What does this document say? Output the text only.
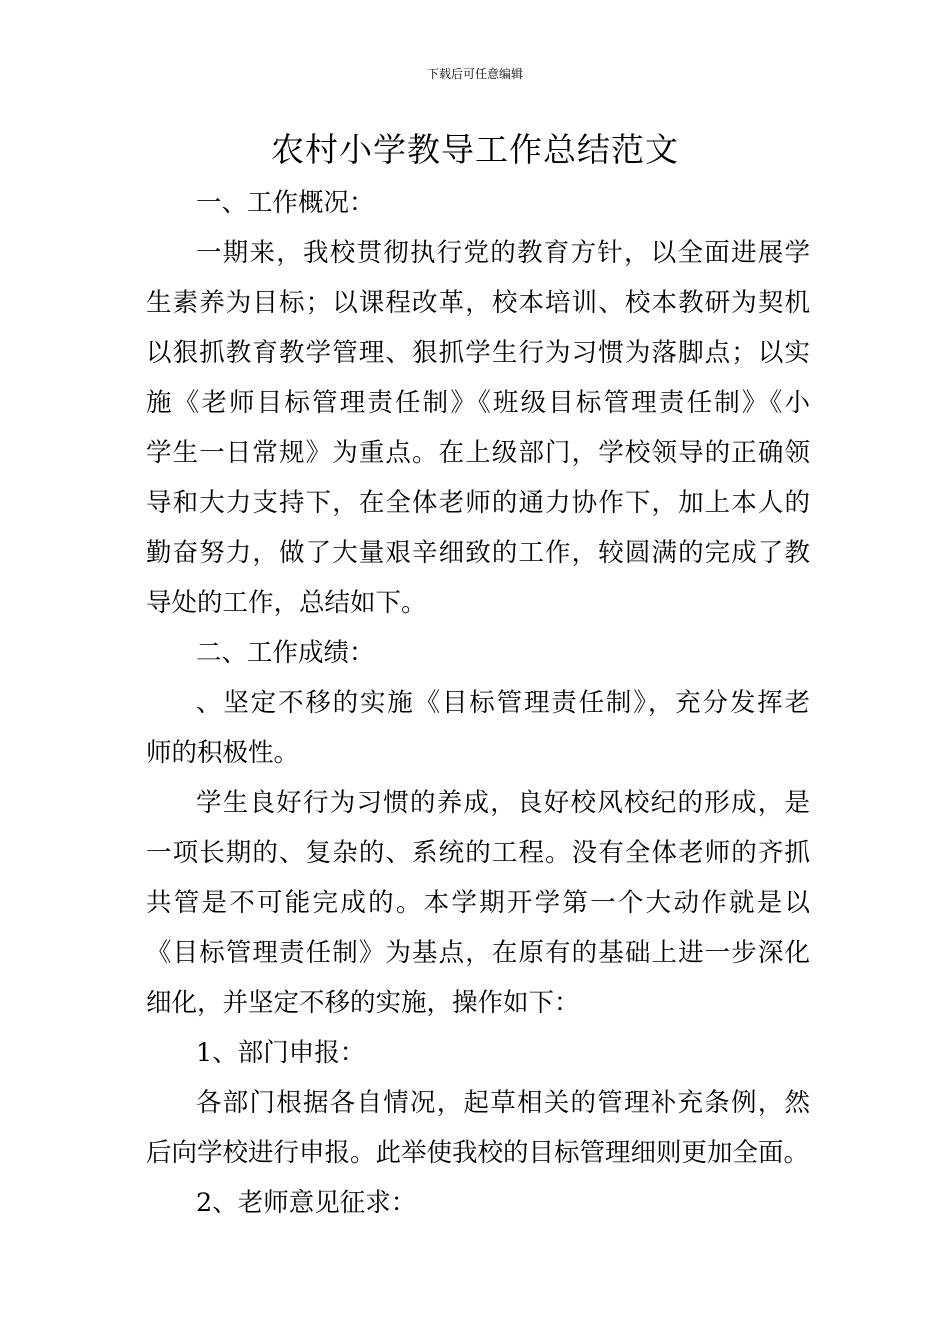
下载后可任意编辑
农村小学教导工作总结范文
一、工作概况：
一期来，我校贯彻执行党的教育方针，以全面进展学
生素养为目标；以课程改革，校本培训、校本教研为契机
以狠抓教育教学管理、狠抓学生行为习惯为落脚点；以实
施《老师目标管理责任制》《班级目标管理责任制》《小
学生一日常规》为重点。在上级部门，学校领导的正确领
导和大力支持下，在全体老师的通力协作下，加上本人的
勤奋努力，做了大量艰辛细致的工作，较圆满的完成了教
导处的工作，总结如下。
二、工作成绩：
、坚定不移的实施《目标管理责任制》，充分发挥老
师的积极性。
学生良好行为习惯的养成，良好校风校纪的形成，是
一项长期的、复杂的、系统的工程。没有全体老师的齐抓
共管是不可能完成的。本学期开学第一个大动作就是以
《目标管理责任制》为基点，在原有的基础上进一步深化
细化，并坚定不移的实施，操作如下：
1、部门申报：
各部门根据各自情况，起草相关的管理补充条例，然
后向学校进行申报。此举使我校的目标管理细则更加全面。
2、老师意见征求：
